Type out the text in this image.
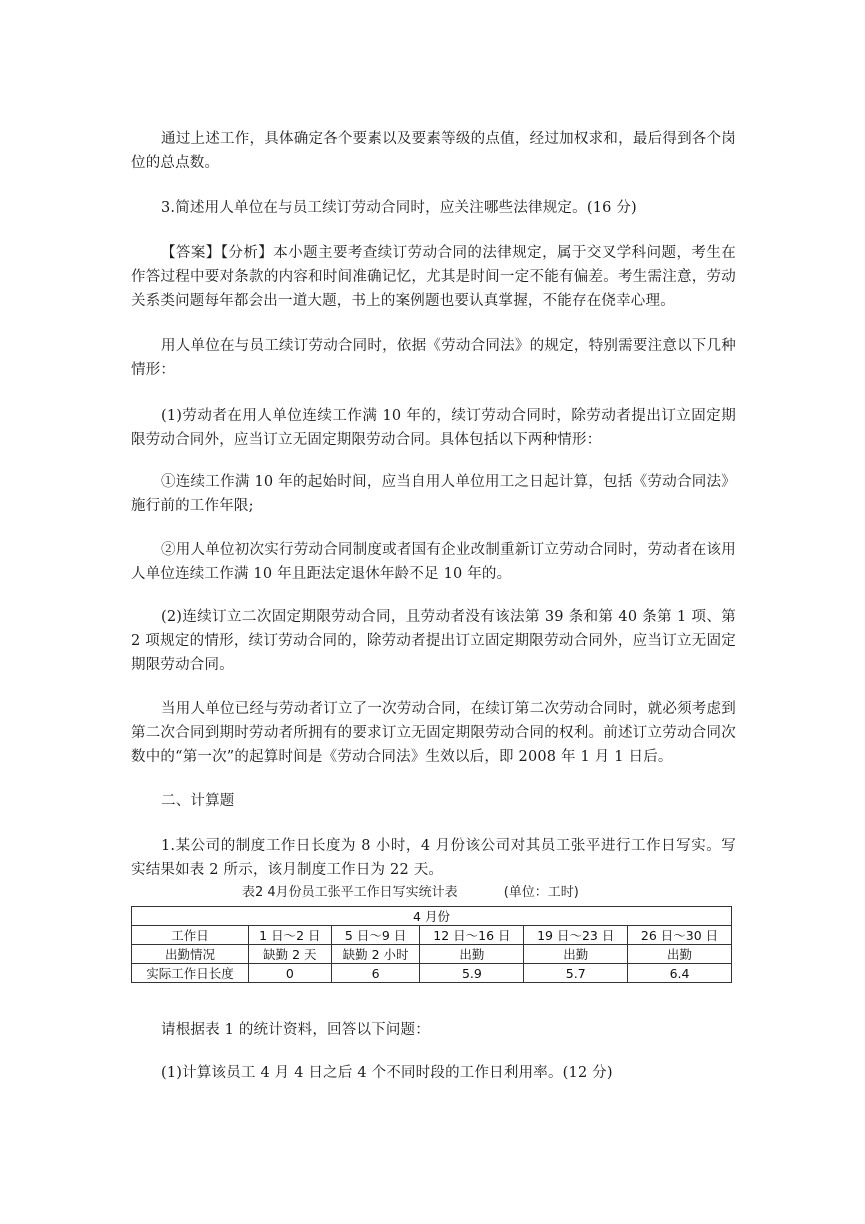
通过上述工作，具体确定各个要素以及要素等级的点值，经过加权求和，最后得到各个岗位的总点数。

3.简述用人单位在与员工续订劳动合同时，应关注哪些法律规定。(16 分)

【答案】【分析】本小题主要考查续订劳动合同的法律规定，属于交叉学科问题，考生在作答过程中要对条款的内容和时间准确记忆，尤其是时间一定不能有偏差。考生需注意，劳动关系类问题每年都会出一道大题，书上的案例题也要认真掌握，不能存在侥幸心理。

用人单位在与员工续订劳动合同时，依据《劳动合同法》的规定，特别需要注意以下几种情形：

(1)劳动者在用人单位连续工作满 10 年的，续订劳动合同时，除劳动者提出订立固定期限劳动合同外，应当订立无固定期限劳动合同。具体包括以下两种情形：

①连续工作满 10 年的起始时间，应当自用人单位用工之日起计算，包括《劳动合同法》施行前的工作年限;

②用人单位初次实行劳动合同制度或者国有企业改制重新订立劳动合同时，劳动者在该用人单位连续工作满 10 年且距法定退休年龄不足 10 年的。

(2)连续订立二次固定期限劳动合同，且劳动者没有该法第 39 条和第 40 条第 1 项、第 2 项规定的情形，续订劳动合同的，除劳动者提出订立固定期限劳动合同外，应当订立无固定期限劳动合同。

当用人单位已经与劳动者订立了一次劳动合同，在续订第二次劳动合同时，就必须考虑到第二次合同到期时劳动者所拥有的要求订立无固定期限劳动合同的权利。前述订立劳动合同次数中的“第一次”的起算时间是《劳动合同法》生效以后，即 2008 年 1 月 1 日后。

二、计算题

1.某公司的制度工作日长度为 8 小时，4 月份该公司对其员工张平进行工作日写实。写实结果如表 2 所示，该月制度工作日为 22 天。

表2 4月份员工张平工作日写实统计表	(单位：工时)
4 月份					
工作日	1 日～2 日	5 日～9 日	12 日～16 日	19 日～23 日	26 日～30 日
出勤情况	缺勤 2 天	缺勤 2 小时	出勤	出勤	出勤
实际工作日长度	0	6	5.9	5.7	6.4

请根据表 1 的统计资料，回答以下问题：

(1)计算该员工 4 月 4 日之后 4 个不同时段的工作日利用率。(12 分)
